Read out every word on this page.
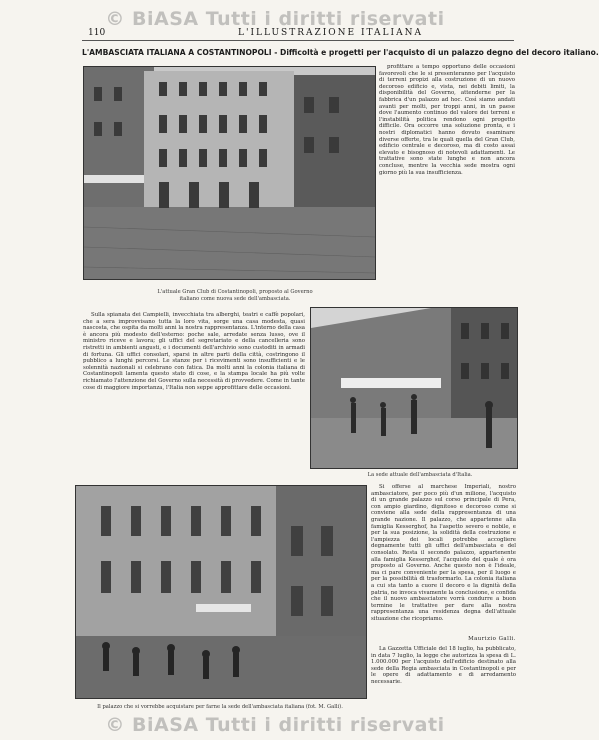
© BiASA Tutti i diritti riservati
110	L'ILLUSTRAZIONE ITALIANA
L'AMBASCIATA ITALIANA A COSTANTINOPOLI - Difficoltà e progetti per l'acquisto di un palazzo degno del decoro italiano.
L'attuale Gran Club di Costantinopoli, proposto al Governo italiano come nuova sede dell'ambasciata.

profittare a tempo opportuno delle occasioni favorevoli che le si presenteranno per l'acquisto di terreni propizi alla costruzione di un nuovo decoroso edificio e, vista, nei debiti limiti, la disponibilità del Governo, attenderne per la fabbrica d'un palazzo ad hoc. Così siamo andati avanti per molti, per troppi anni, in un paese dove l'aumento continuo del valore dei terreni e l'instabilità politica rendono ogni progetto difficile. Ora occorre una soluzione pronta, e i nostri diplomatici hanno dovuto esaminare diverse offerte, tra le quali quella del Gran Club, edificio centrale e decoroso, ma di costo assai elevato e bisognoso di notevoli adattamenti. Le trattative sono state lunghe e non ancora concluse, mentre la vecchia sede mostra ogni giorno più la sua insufficienza.

Sulla spianata dei Campielli, invecchiata tra alberghi, teatri e caffè popolari, che a sera improvvisano tutta la loro vita, sorge una casa modesta, quasi nascosta, che ospita da molti anni la nostra rappresentanza. L'interno della casa è ancora più modesto dell'esterno: poche sale, arredate senza lusso, ove il ministro riceve e lavora; gli uffici del segretariato e della cancelleria sono ristretti in ambienti angusti, e i documenti dell'archivio sono custoditi in armadi di fortuna. Gli uffici consolari, sparsi in altre parti della città, costringono il pubblico a lunghi percorsi. Le stanze per i ricevimenti sono insufficienti e le solennità nazionali si celebrano con fatica. Da molti anni la colonia italiana di Costantinopoli lamenta questo stato di cose, e la stampa locale ha più volte richiamato l'attenzione del Governo sulla necessità di provvedere. Come in tante cose di maggiore importanza, l'Italia non seppe approfittare delle occasioni.

La sede attuale dell'ambasciata d'Italia.
Il palazzo che si vorrebbe acquistare per farne la sede dell'ambasciata italiana (fot. M. Galli).

Si offerse al marchese Imperiali, nostro ambasciatore, per poco più d'un milione, l'acquisto di un grande palazzo sul corso principale di Pera, con ampio giardino, dignitoso e decoroso come si conviene alla sede della rappresentanza di una grande nazione. Il palazzo, che appartenne alla famiglia Kesserghof, ha l'aspetto severo e nobile, e per la sua posizione, la solidità della costruzione e l'ampiezza dei locali potrebbe accogliere degnamente tutti gli uffici dell'ambasciata e del consolato. Resta il secondo palazzo, appartenente alla famiglia Kesserghof, l'acquisto del quale è ora proposto al Governo. Anche questo non è l'ideale, ma ci pare conveniente per la spesa, per il luogo e per la possibilità di trasformarlo. La colonia italiana a cui sta tanto a cuore il decoro e la dignità della patria, ne invoca vivamente la conclusione, e confida che il nuovo ambasciatore vorrà condurre a buon termine le trattative per dare alla nostra rappresentanza una residenza degna dell'attuale situazione che ricopriamo.

Maurizio Galli.

La Gazzetta Ufficiale del 18 luglio, ha pubblicato, in data 7 luglio, la legge che autorizza la spesa di L. 1.000.000 per l'acquisto dell'edificio destinato alla sede della Regia ambasciata in Costantinopoli e per le opere di adattamento e di arredamento necessarie.

© BiASA Tutti i diritti riservati
